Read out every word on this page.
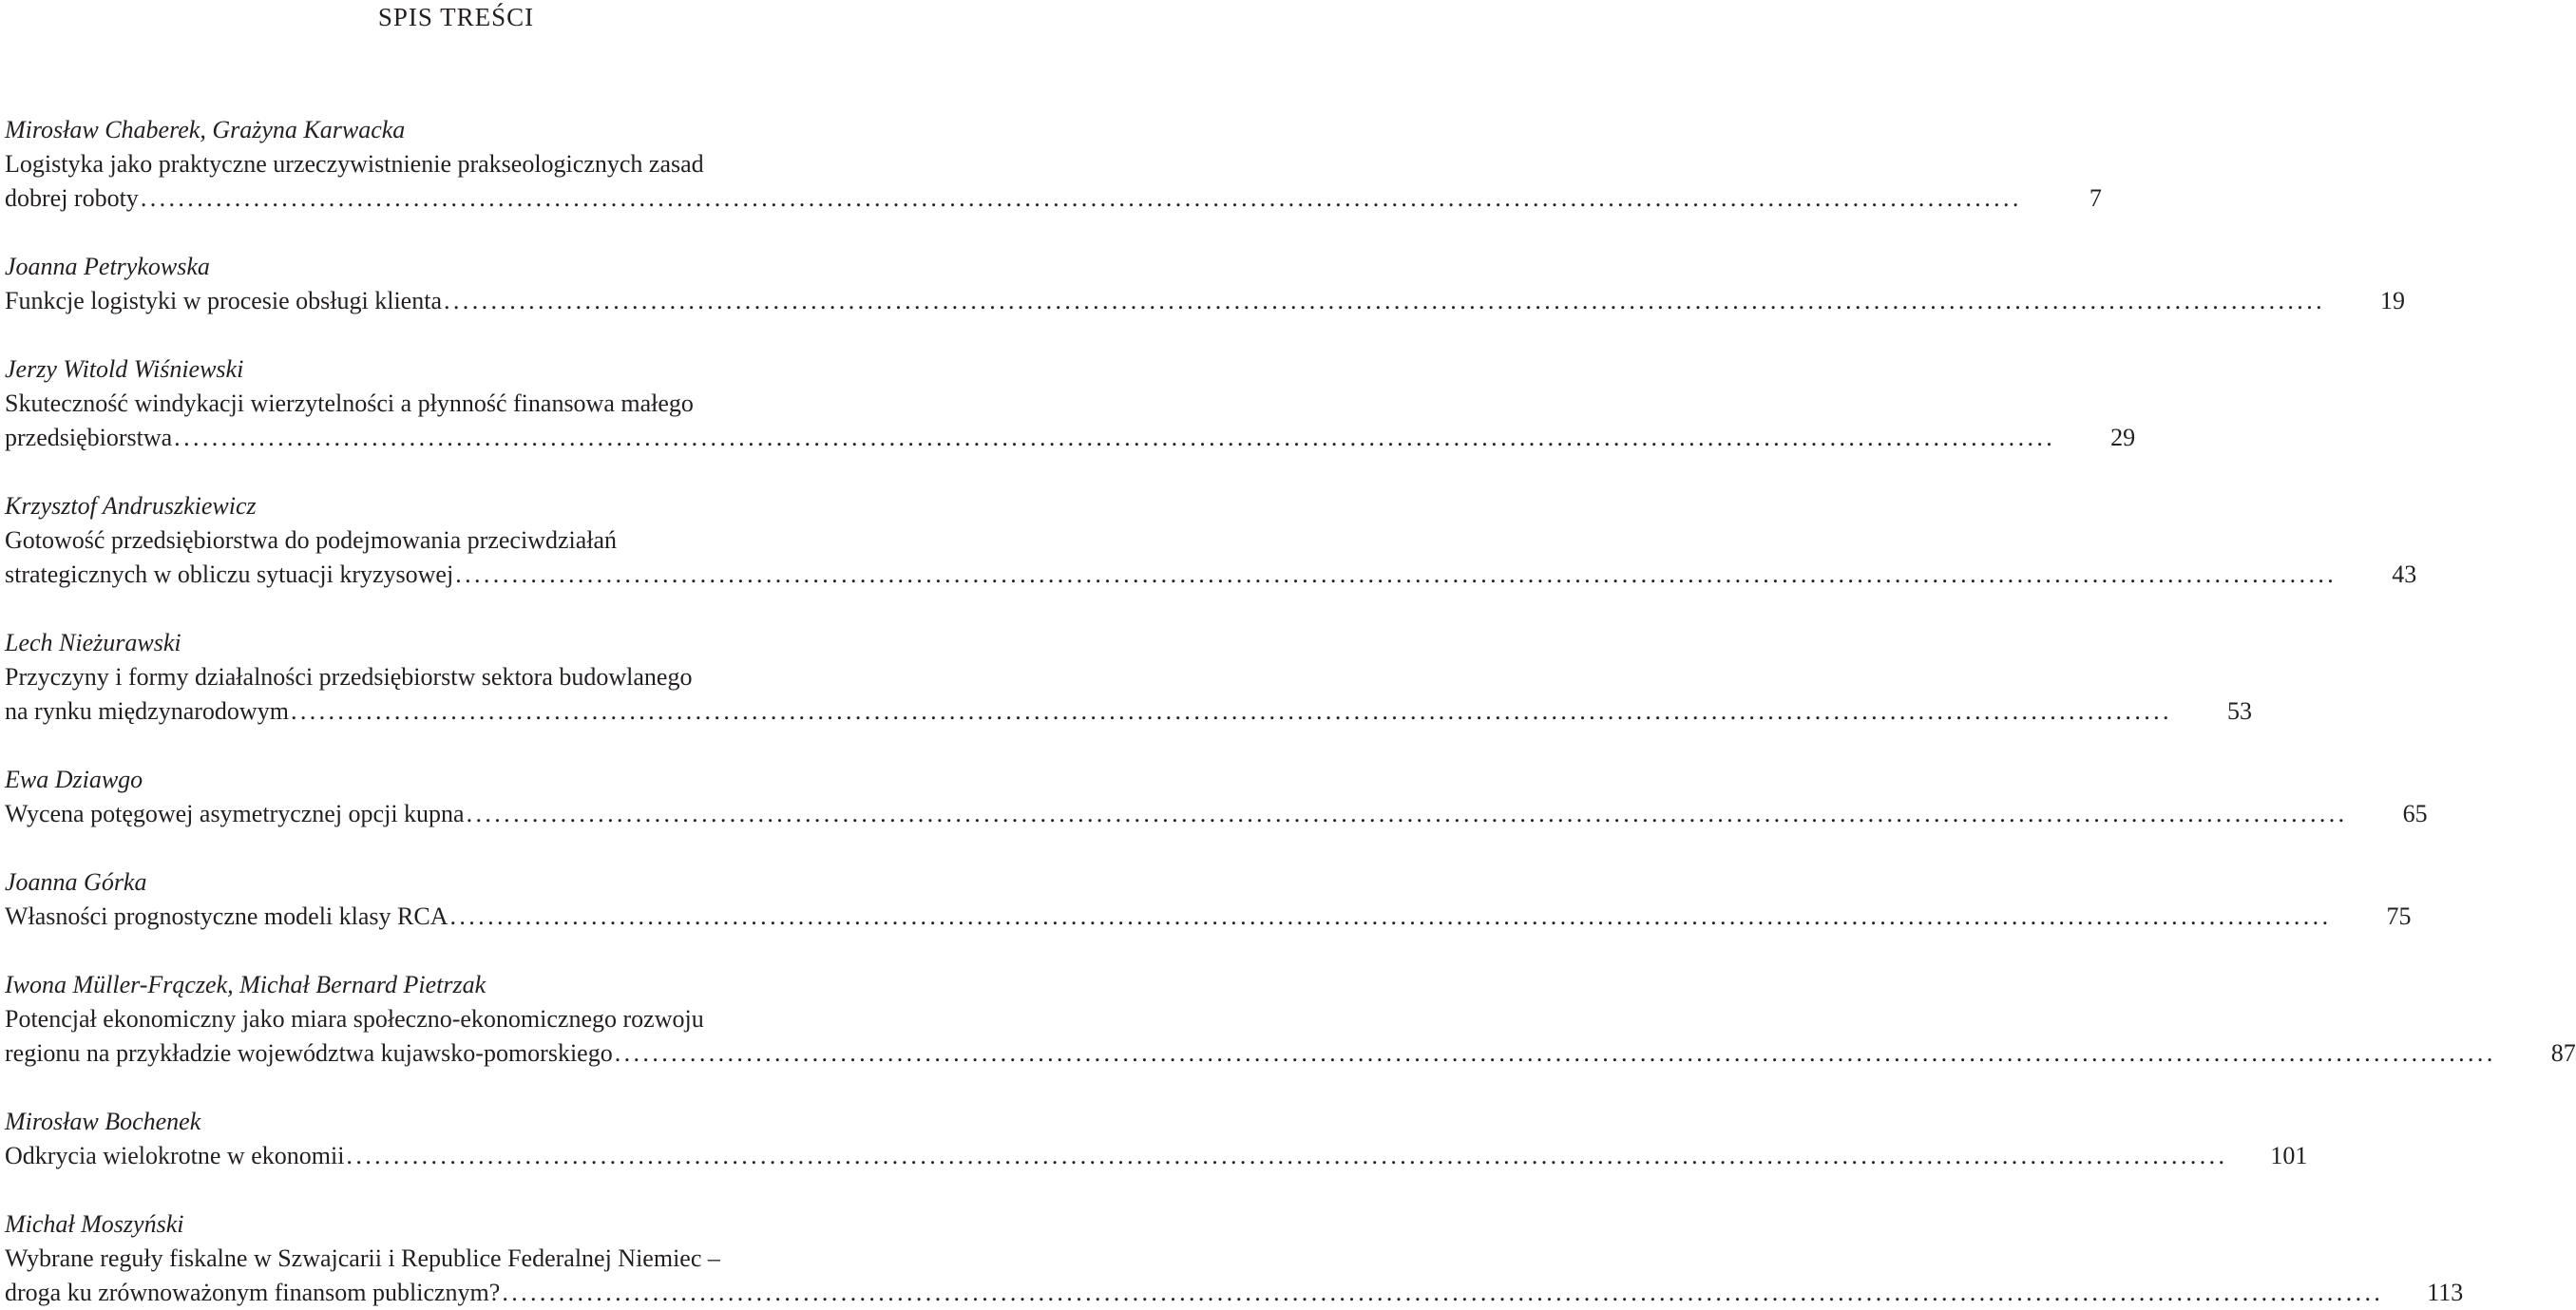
SPIS TREŚCI
Mirosław Chaberek, Grażyna Karwacka
Logistyka jako praktyczne urzeczywistnienie prakseologicznych zasad
dobrej roboty ........................................................................................................................................................................................................	7
Joanna Petrykowska
Funkcje logistyki w procesie obsługi klienta ........................................................................................................................................................................................................	19
Jerzy Witold Wiśniewski
Skuteczność windykacji wierzytelności a płynność finansowa małego
przedsiębiorstwa ........................................................................................................................................................................................................	29
Krzysztof Andruszkiewicz
Gotowość przedsiębiorstwa do podejmowania przeciwdziałań
strategicznych w obliczu sytuacji kryzysowej ........................................................................................................................................................................................................	43
Lech Nieżurawski
Przyczyny i formy działalności przedsiębiorstw sektora budowlanego
na rynku międzynarodowym ........................................................................................................................................................................................................	53
Ewa Dziawgo
Wycena potęgowej asymetrycznej opcji kupna ........................................................................................................................................................................................................	65
Joanna Górka
Własności prognostyczne modeli klasy RCA ........................................................................................................................................................................................................	75
Iwona Müller-Frączek, Michał Bernard Pietrzak
Potencjał ekonomiczny jako miara społeczno-ekonomicznego rozwoju
regionu na przykładzie województwa kujawsko-pomorskiego ........................................................................................................................................................................................................	87
Mirosław Bochenek
Odkrycia wielokrotne w ekonomii ........................................................................................................................................................................................................ 101
Michał Moszyński
Wybrane reguły fiskalne w Szwajcarii i Republice Federalnej Niemiec –
droga ku zrównoważonym finansom publicznym? ........................................................................................................................................................................................................ 113
